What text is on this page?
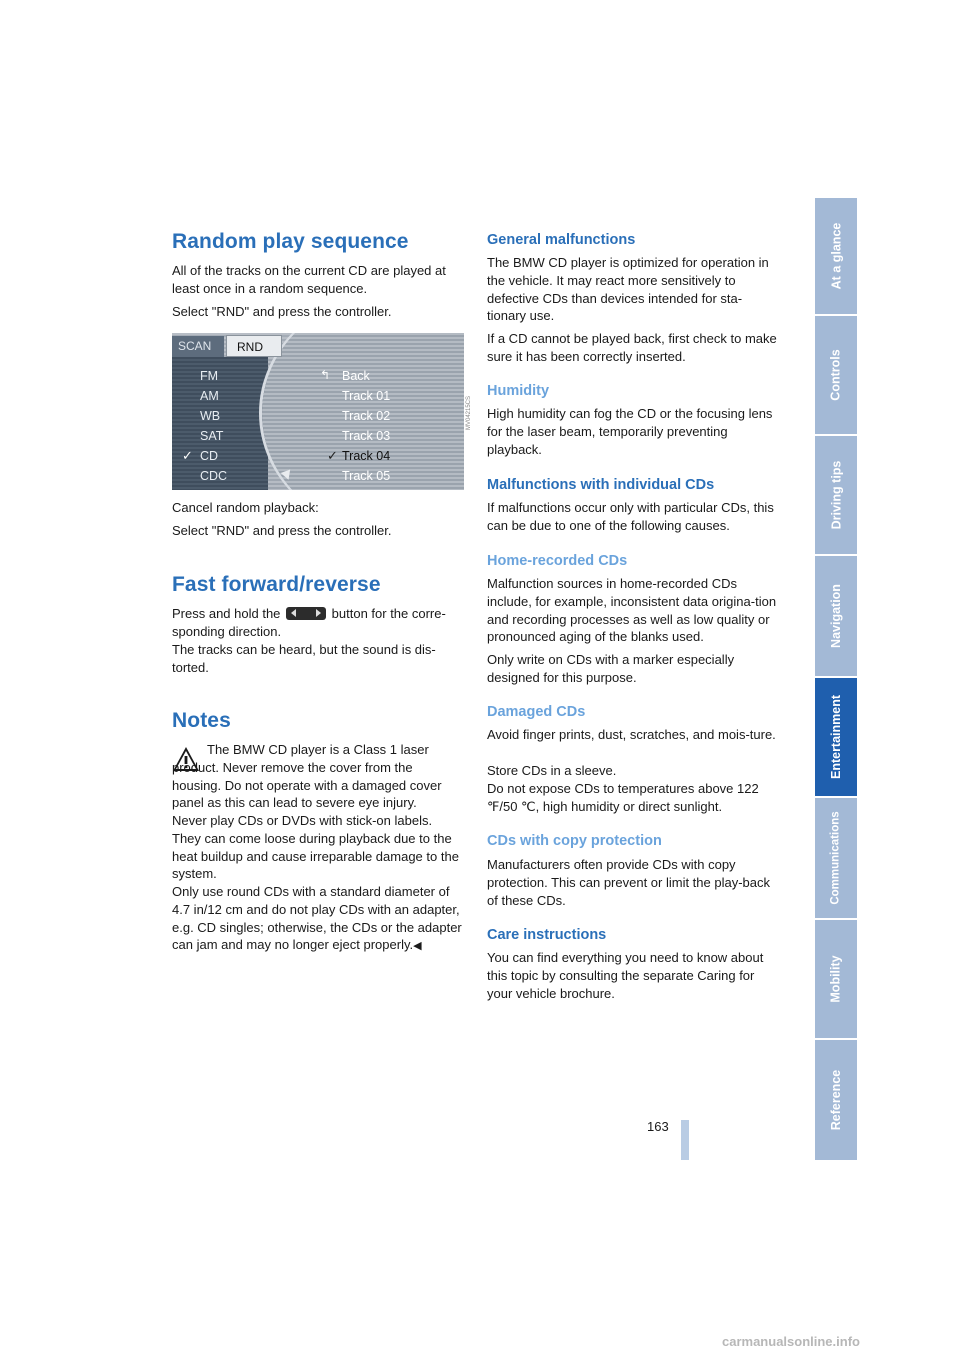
Random play sequence

All of the tracks on the current CD are played at least once in a random sequence.

Select "RND" and press the controller.

SCAN	RND
FM
AM
WB
SAT
CD
CDC
✓
↰ Back
Track 01
Track 02
Track 03
Track 04
Track 05
✓
MV04215CS

Cancel random playback:

Select "RND" and press the controller.

Fast forward/reverse

Press and hold the	button for the corre-sponding direction.

The tracks can be heard, but the sound is dis-torted.

Notes

The BMW CD player is a Class 1 laser product. Never remove the cover from the housing. Do not operate with a damaged cover panel as this can lead to severe eye injury.

Never play CDs or DVDs with stick-on labels. They can come loose during playback due to the heat buildup and cause irreparable damage to the system.

Only use round CDs with a standard diameter of 4.7 in/12 cm and do not play CDs with an adapter, e.g. CD singles; otherwise, the CDs or the adapter can jam and may no longer eject properly.◀

General malfunctions

The BMW CD player is optimized for operation in the vehicle. It may react more sensitively to defective CDs than devices intended for sta-tionary use.

If a CD cannot be played back, first check to make sure it has been correctly inserted.

Humidity

High humidity can fog the CD or the focusing lens for the laser beam, temporarily preventing playback.

Malfunctions with individual CDs

If malfunctions occur only with particular CDs, this can be due to one of the following causes.

Home-recorded CDs

Malfunction sources in home-recorded CDs include, for example, inconsistent data origina-tion and recording processes as well as low quality or pronounced aging of the blanks used.

Only write on CDs with a marker especially designed for this purpose.

Damaged CDs

Avoid finger prints, dust, scratches, and mois-ture.

Store CDs in a sleeve.

Do not expose CDs to temperatures above 122 ℉/50 ℃, high humidity or direct sunlight.

CDs with copy protection

Manufacturers often provide CDs with copy protection. This can prevent or limit the play-back of these CDs.

Care instructions

You can find everything you need to know about this topic by consulting the separate Caring for your vehicle brochure.

At a glance
Controls
Driving tips
Navigation
Entertainment
Communications
Mobility
Reference
163
carmanualsonline.info
